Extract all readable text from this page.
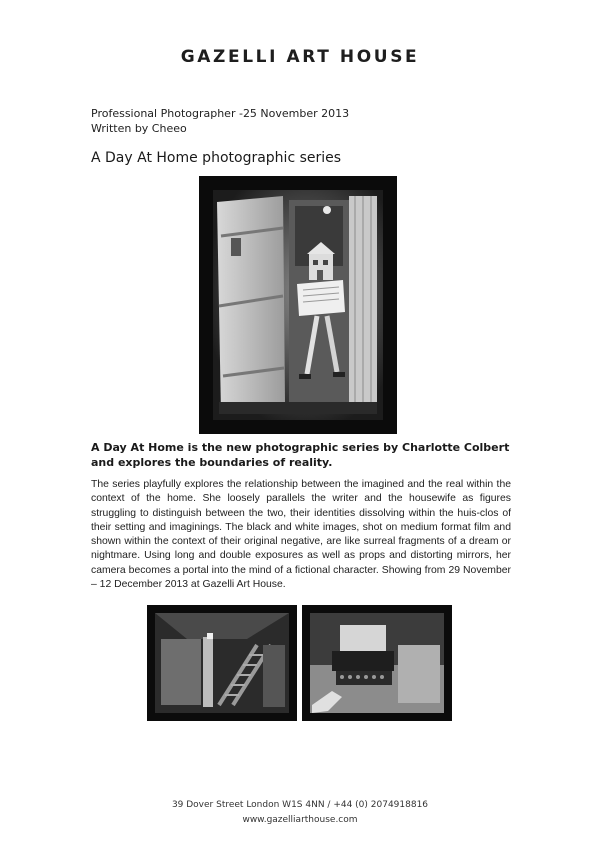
GAZELLI ART HOUSE
Professional Photographer -25 November 2013
Written by Cheeo
A Day At Home photographic series
A Day At Home is the new photographic series by Charlotte Colbert and explores the boundaries of reality.
The series playfully explores the relationship between the imagined and the real within the context of the home. She loosely parallels the writer and the housewife as figures struggling to distinguish between the two, their identities dissolving within the huis-clos of their setting and imaginings. The black and white images, shot on medium format film and shown within the context of their original negative, are like surreal fragments of a dream or nightmare. Using long and double exposures as well as props and distorting mirrors, her camera becomes a portal into the mind of a fictional character. Showing from 29 November – 12 December 2013 at Gazelli Art House.
39 Dover Street London W1S 4NN / +44 (0) 2074918816
www.gazelliarthouse.com
